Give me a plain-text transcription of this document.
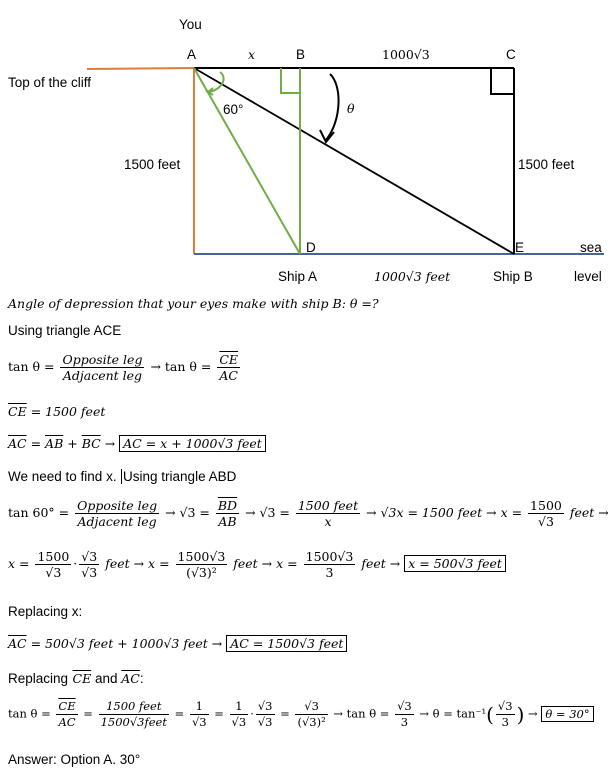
You
A	x	B	1000√3	C
Top of the cliff
60°	θ
1500 feet	1500 feet
D	E	sea
Ship A	1000√3 feet	Ship B	level
Angle of depression that your eyes make with ship B: θ =?
Using triangle ACE
$\tan \theta = \frac{\text{Opposite leg}}{\text{Adjacent leg}} \to \tan \theta = \frac{\overline{CE}}{AC}$
$\overline{CE} = 1500$ feet
$\overline{AC} = \overline{AB} + \overline{BC} \to \overline{AC} = x + 1000√3$ feet
We need to find x. Using triangle ABD
$\tan 60^\circ = \frac{\text{Opposite leg}}{\text{Adjacent leg}} \to √3 = \frac{\overline{BD}}{AB} \to √3 = \frac{\text{1500 feet}}{x} \to √3x = 1500$ feet → $x = \frac{1500}{√3}$ feet →
$x = \frac{1500}{√3} \cdot \frac{√3}{√3}$ feet → $x = \frac{1500√3}{\text{(√3)²}}$ feet → $x = \frac{1500√3}{3}$ feet → x = 500√3 feet
Replacing x:
$\overline{AC} = 500√3$ feet + 1000√3 feet → $\overline{AC} = 1500√3$ feet
Replacing $\overline{CE}$ and $\overline{AC}$:
$\tan \theta = \frac{\overline{CE}}{AC} = \frac{\text{1500 feet}}{\text{1500√3feet}} = \frac{1}{√3} = \frac{1}{√3} \cdot \frac{√3}{√3} = \frac{√3}{\text{(√3)²}} \to \tan \theta = \frac{√3}{3} \to \theta = \tan^{-1}( \frac{√3}{3}$ ) → θ = 30°
Answer: Option A. 30°
